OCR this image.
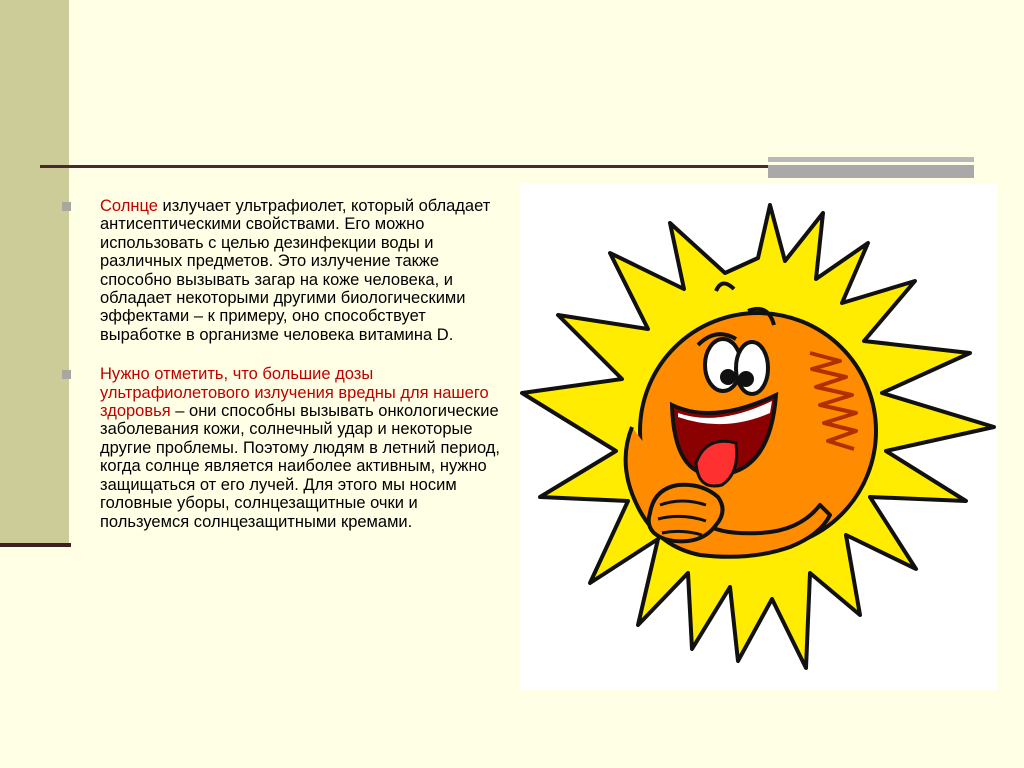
Солнце излучает ультрафиолет, который обладает антисептическими свойствами. Его можно использовать с целью дезинфекции воды и различных предметов. Это излучение также способно вызывать загар на коже человека, и обладает некоторыми другими биологическими эффектами – к примеру, оно способствует выработке в организме человека витамина D.
Нужно отметить, что большие дозы ультрафиолетового излучения вредны для нашего здоровья – они способны вызывать онкологические заболевания кожи, солнечный удар и некоторые другие проблемы. Поэтому людям в летний период, когда солнце является наиболее активным, нужно защищаться от его лучей. Для этого мы носим головные уборы, солнцезащитные очки и пользуемся солнцезащитными кремами.
